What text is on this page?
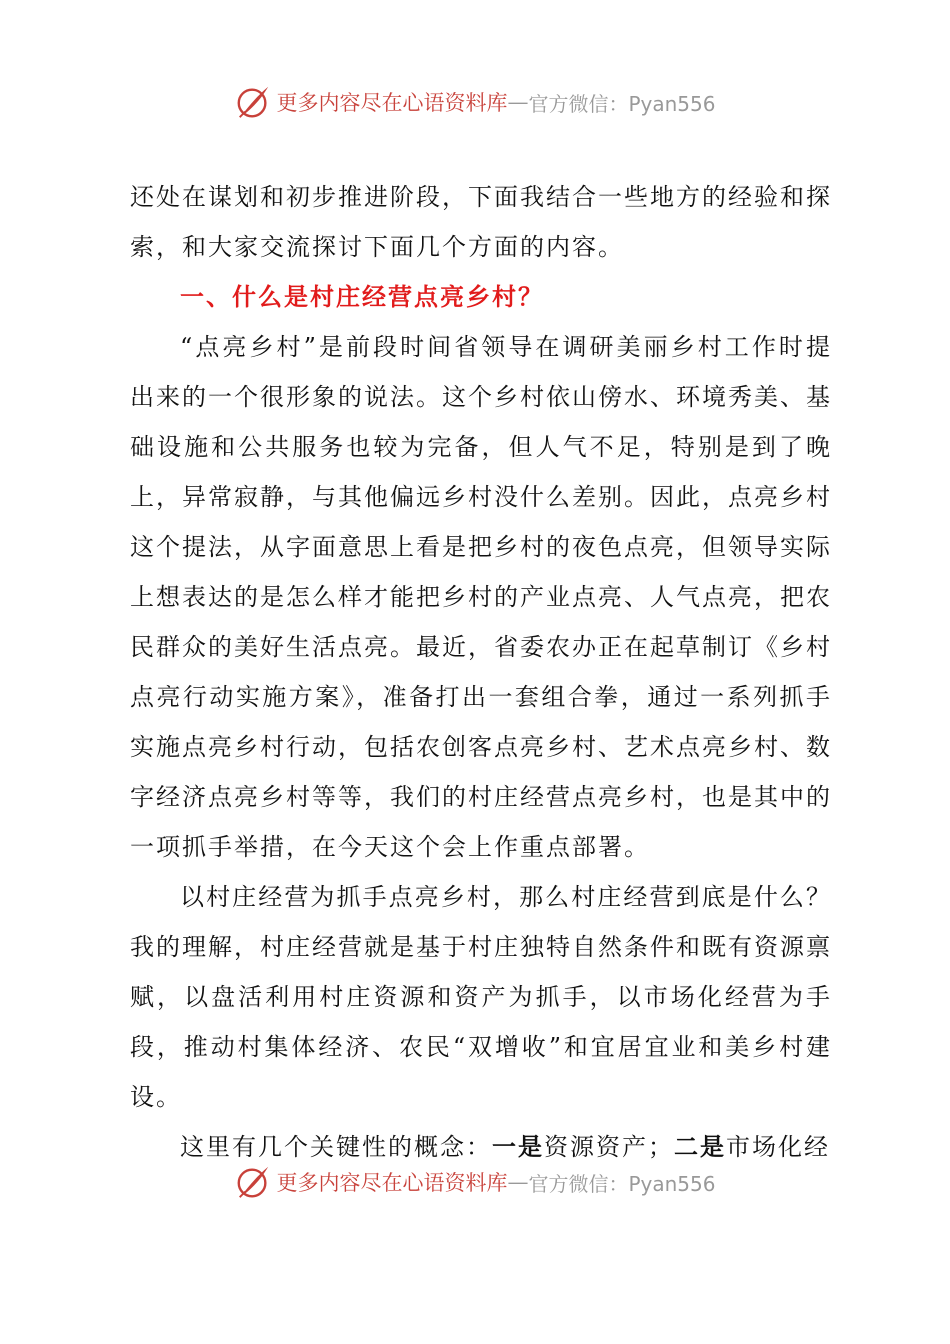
更多内容尽在心语资料库 — 官方微信：Pyan556

还处在谋划和初步推进阶段，下面我结合一些地方的经验和探索，和大家交流探讨下面几个方面的内容。

一、什么是村庄经营点亮乡村？

“点亮乡村”是前段时间省领导在调研美丽乡村工作时提出来的一个很形象的说法。这个乡村依山傍水、环境秀美、基础设施和公共服务也较为完备，但人气不足，特别是到了晚上，异常寂静，与其他偏远乡村没什么差别。因此，点亮乡村这个提法，从字面意思上看是把乡村的夜色点亮，但领导实际上想表达的是怎么样才能把乡村的产业点亮、人气点亮，把农民群众的美好生活点亮。最近，省委农办正在起草制订《乡村点亮行动实施方案》，准备打出一套组合拳，通过一系列抓手实施点亮乡村行动，包括农创客点亮乡村、艺术点亮乡村、数字经济点亮乡村等等，我们的村庄经营点亮乡村，也是其中的一项抓手举措，在今天这个会上作重点部署。

以村庄经营为抓手点亮乡村，那么村庄经营到底是什么？我的理解，村庄经营就是基于村庄独特自然条件和既有资源禀赋，以盘活利用村庄资源和资产为抓手，以市场化经营为手段，推动村集体经济、农民“双增收”和宜居宜业和美乡村建设。

这里有几个关键性的概念：一是资源资产；二是市场化经

更多内容尽在心语资料库 — 官方微信：Pyan556
